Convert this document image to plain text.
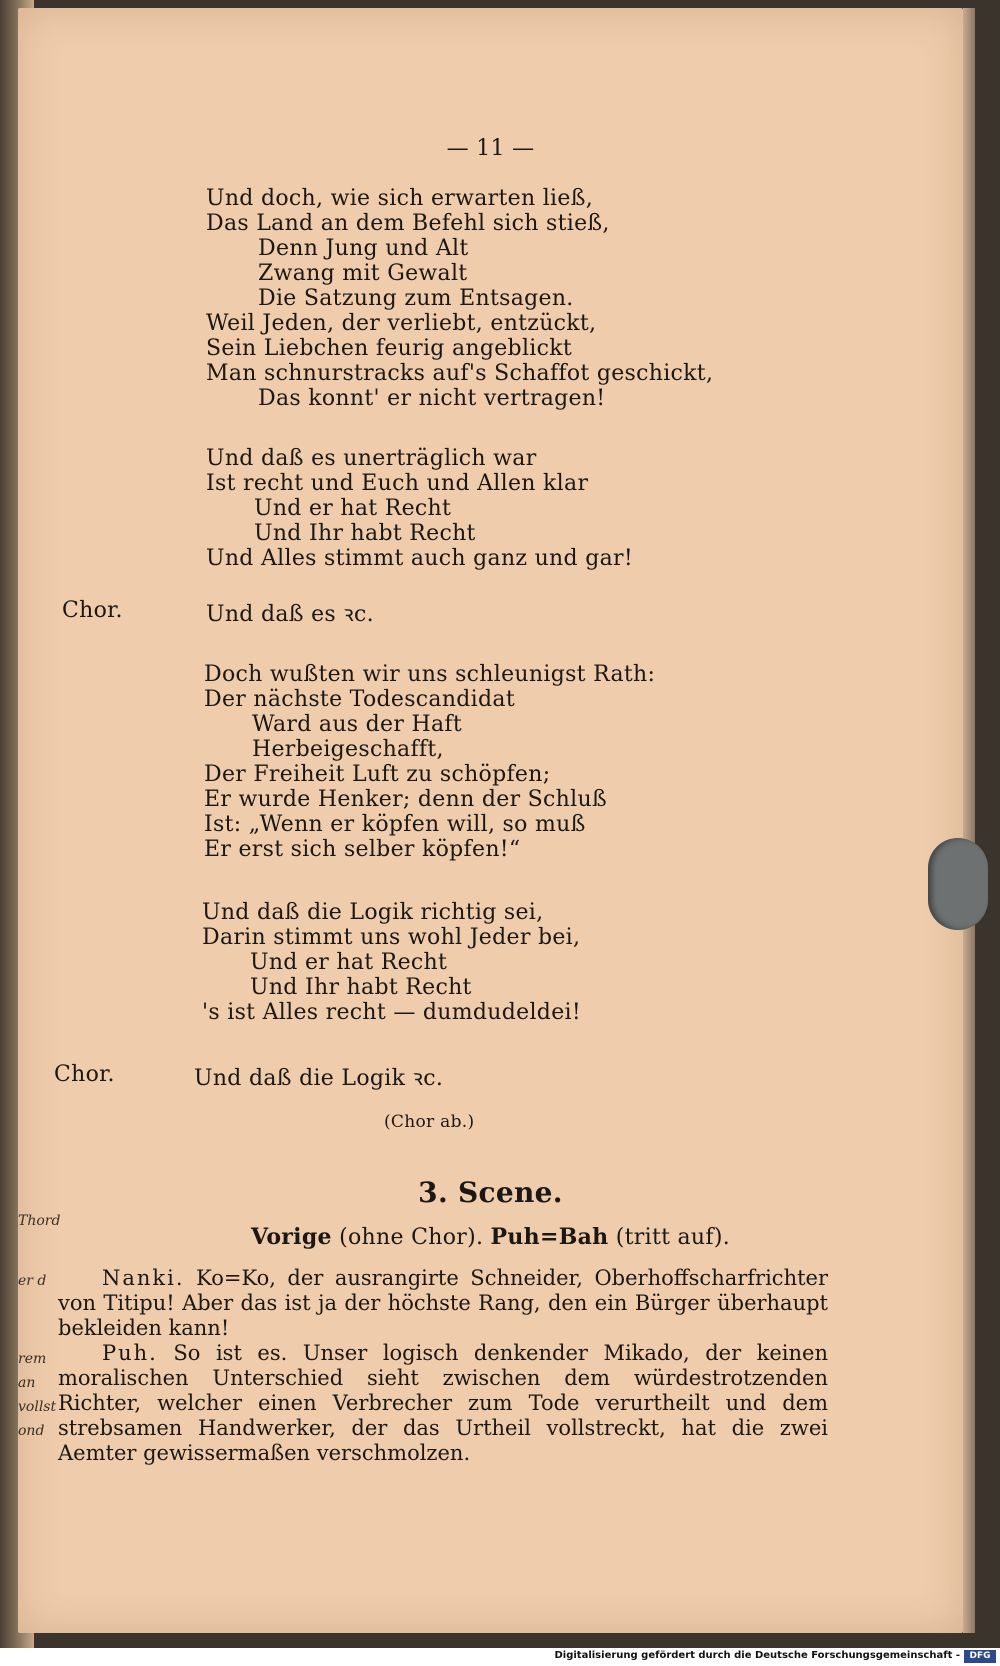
— 11 —
Und doch, wie sich erwarten ließ,
Das Land an dem Befehl sich stieß,
Denn Jung und Alt
Zwang mit Gewalt
Die Satzung zum Entsagen.
Weil Jeden, der verliebt, entzückt,
Sein Liebchen feurig angeblickt
Man schnurstracks auf's Schaffot geschickt,
Das konnt' er nicht vertragen!
Und daß es unerträglich war
Ist recht und Euch und Allen klar
Und er hat Recht
Und Ihr habt Recht
Und Alles stimmt auch ganz und gar!
Chor.	Und daß es ꝛc.
Doch wußten wir uns schleunigst Rath:
Der nächste Todescandidat
Ward aus der Haft
Herbeigeschafft,
Der Freiheit Luft zu schöpfen;
Er wurde Henker; denn der Schluß
Ist: „Wenn er köpfen will, so muß
Er erst sich selber köpfen!“
Und daß die Logik richtig sei,
Darin stimmt uns wohl Jeder bei,
Und er hat Recht
Und Ihr habt Recht
's ist Alles recht — dumdudeldei!
Chor.	Und daß die Logik ꝛc.
(Chor ab.)
3. Scene.
Vorige (ohne Chor). Puh=Bah (tritt auf).

Nanki. Ko=Ko, der ausrangirte Schneider, Oberhoffscharfrichter von Titipu! Aber das ist ja der höchste Rang, den ein Bürger überhaupt bekleiden kann!

Puh. So ist es. Unser logisch denkender Mikado, der keinen moralischen Unterschied sieht zwischen dem würdestrotzenden Richter, welcher einen Verbrecher zum Tode verurtheilt und dem strebsamen Handwerker, der das Urtheil vollstreckt, hat die zwei Aemter gewissermaßen verschmolzen.

Thord
er d
rem
an
vollst
ond
Digitalisierung gefördert durch die Deutsche Forschungsgemeinschaft -	DFG
